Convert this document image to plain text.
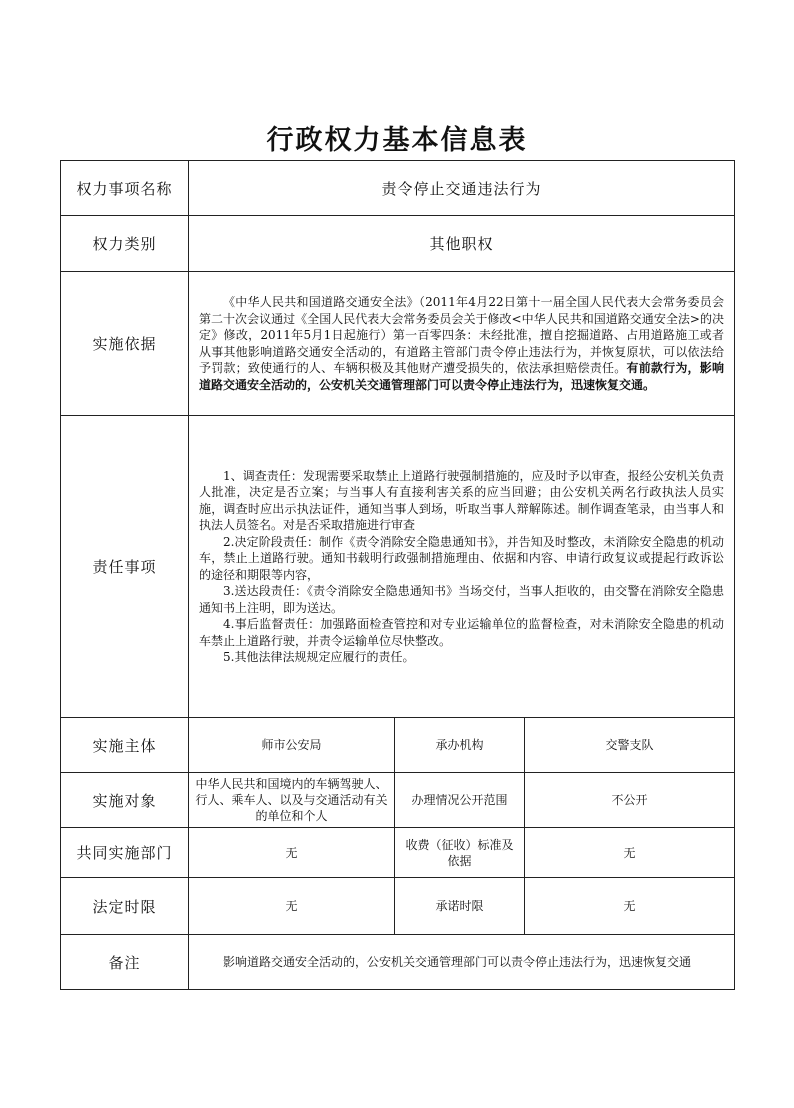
行政权力基本信息表
权力事项名称	责令停止交通违法行为		
权力类别	其他职权		
实施依据	《中华人民共和国道路交通安全法》（2011年4月22日第十一届全国人民代表大会常务委员会第二十次会议通过《全国人民代表大会常务委员会关于修改<中华人民共和国道路交通安全法>的决定》修改，2011年5月1日起施行）第一百零四条：未经批准，擅自挖掘道路、占用道路施工或者从事其他影响道路交通安全活动的，有道路主管部门责令停止违法行为，并恢复原状，可以依法给予罚款；致使通行的人、车辆积极及其他财产遭受损失的，依法承担赔偿责任。有前款行为，影响道路交通安全活动的，公安机关交通管理部门可以责令停止违法行为，迅速恢复交通。		

责任事项	1、调查责任：发现需要采取禁止上道路行驶强制措施的，应及时予以审查，报经公安机关负责人批准，决定是否立案；与当事人有直接利害关系的应当回避；由公安机关两名行政执法人员实施，调查时应出示执法证件，通知当事人到场，听取当事人辩解陈述。制作调查笔录，由当事人和执法人员签名。对是否采取措施进行审查

2.决定阶段责任：制作《责令消除安全隐患通知书》，并告知及时整改，未消除安全隐患的机动车，禁止上道路行驶。通知书载明行政强制措施理由、依据和内容、申请行政复议或提起行政诉讼的途径和期限等内容，

3.送达段责任：《责令消除安全隐患通知书》当场交付，当事人拒收的，由交警在消除安全隐患通知书上注明，即为送达。

4.事后监督责任：加强路面检查管控和对专业运输单位的监督检查，对未消除安全隐患的机动车禁止上道路行驶，并责令运输单位尽快整改。

5.其他法律法规规定应履行的责任。		

实施主体	师市公安局	承办机构	交警支队
实施对象	中华人民共和国境内的车辆驾驶人、行人、乘车人、以及与交通活动有关的单位和个人	办理情况公开范围	不公开
共同实施部门	无	收费（征收）标准及依据	无
法定时限	无	承诺时限	无
备注	影响道路交通安全活动的，公安机关交通管理部门可以责令停止违法行为，迅速恢复交通		
